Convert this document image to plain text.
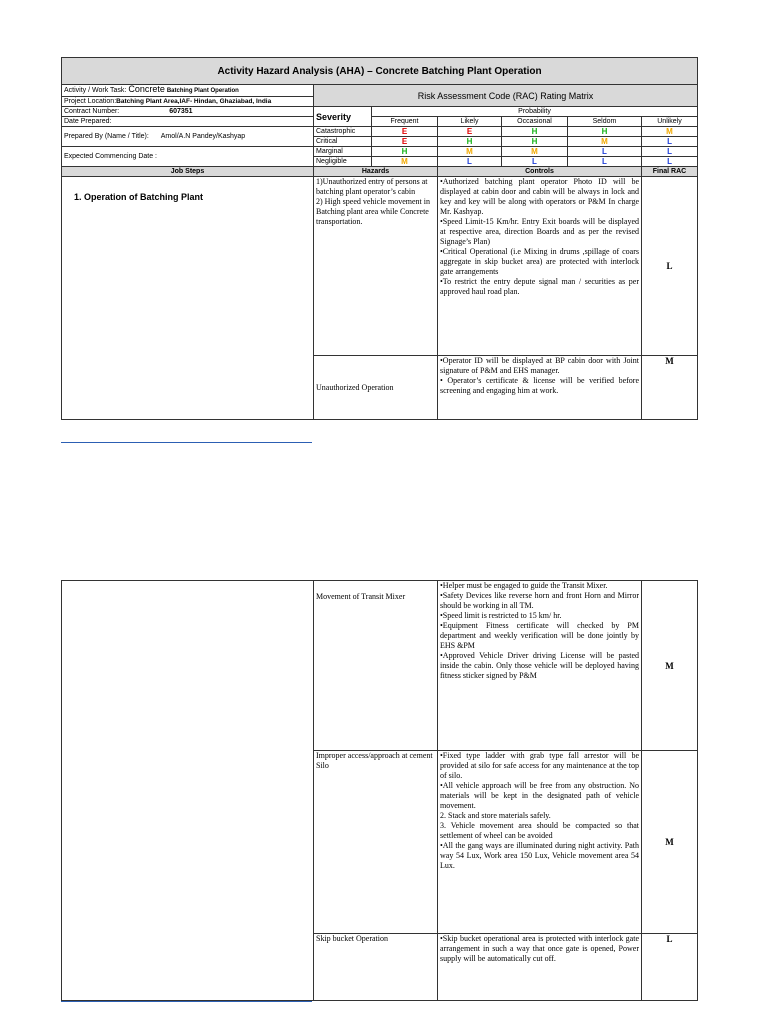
Activity Hazard Analysis (AHA) – Concrete Batching Plant Operation						
Activity / Work Task: Concrete Batching Plant Operation	Risk Assessment Code (RAC) Rating Matrix					
Project Location:Batching Plant Area,IAF- Hindan, Ghaziabad, India						
Contract Number: 607351	Severity	Probability				
Date Prepared:		Frequent	Likely	Occasional	Seldom	Unlikely
Prepared By (Name / Title): Amol/A.N Pandey/Kashyap	Catastrophic	E	E	H	H	M
	Critical	E	H	H	M	L
Expected Commencing Date :	Marginal	H	M	M	L	L
	Negligible	M	L	L	L	L
Job Steps	Hazards		Controls			Final RAC
1. Operation of Batching Plant	1)Unauthorized entry of persons at batching plant operator’s cabin
2) High speed vehicle movement in Batching plant area while Concrete transportation.		•Authorized batching plant operator Photo ID will be displayed at cabin door and cabin will be always in lock and key and key will be along with operators or P&M In charge Mr. Kashyap.
•Speed Limit-15 Km/hr. Entry Exit boards will be displayed at respective area, direction Boards and as per the revised Signage’s Plan)
•Critical Operational (i.e Mixing in drums ,spillage of coars aggregate in skip bucket area) are protected with interlock gate arrangements
•To restrict the entry depute signal man / securities as per approved haul road plan.			L
	Unauthorized Operation		•Operator ID will be displayed at BP cabin door with Joint signature of P&M and EHS manager.
• Operator’s certificate & license will be verified before screening and engaging him at work.			M
	Movement of Transit Mixer	•Helper must be engaged to guide the Transit Mixer.
•Safety Devices like reverse horn and front Horn and Mirror should be working in all TM.
•Speed limit is restricted to 15 km/ hr.
•Equipment Fitness certificate will checked by PM department and weekly verification will be done jointly by EHS &PM
•Approved Vehicle Driver driving License will be pasted inside the cabin. Only those vehicle will be deployed having fitness sticker signed by P&M	M
	Improper access/approach at cement Silo	•Fixed type ladder with grab type fall arrestor will be provided at silo for safe access for any maintenance at the top of silo.
•All vehicle approach will be free from any obstruction. No materials will be kept in the designated path of vehicle movement.
2. Stack and store materials safely.
3. Vehicle movement area should be compacted so that settlement of wheel can be avoided
•All the gang ways are illuminated during night activity. Path way 54 Lux, Work area 150 Lux, Vehicle movement area 54 Lux.	M
	Skip bucket Operation	•Skip bucket operational area is protected with interlock gate arrangement in such a way that once gate is opened, Power supply will be automatically cut off.	L
